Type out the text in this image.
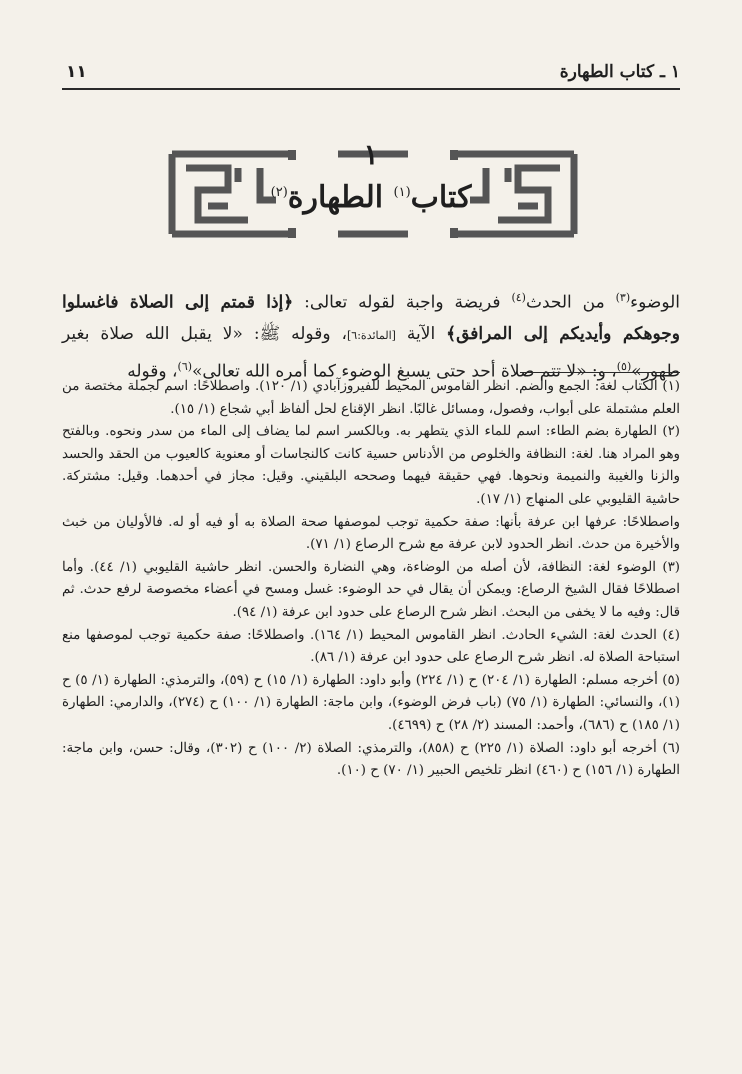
١ ـ كتاب الطهارة
١١
١
كتاب$^{(١)}$ الطهارة$^{(٢)}$
الوضوء$^{(٣)}$ من الحدث$^{(٤)}$ فريضة واجبة لقوله تعالى: ﴿إذا قمتم إلى الصلاة فاغسلوا وجوهكم وأيديكم إلى المرافق﴾ الآية [المائدة:٦]، وقوله ﷺ: «لا يقبل الله صلاة بغير طهور»$^{(٥)}$، و: «لا تتم صلاة أحد حتى يسبغ الوضوء كما أمره الله تعالى»$^{(٦)}$، وقوله

(١) الكتاب لغة: الجمع والضم. انظر القاموس المحيط للفيروزآبادي (١/ ١٢٠). واصطلاحًا: اسم لجملة مختصة من العلم مشتملة على أبواب، وفصول، ومسائل غالبًا. انظر الإقناع لحل ألفاظ أبي شجاع (١/ ١٥).

(٢) الطهارة بضم الطاء: اسم للماء الذي يتطهر به. وبالكسر اسم لما يضاف إلى الماء من سدر ونحوه. وبالفتح وهو المراد هنا. لغة: النظافة والخلوص من الأدناس حسية كانت كالنجاسات أو معنوية كالعيوب من الحقد والحسد والزنا والغيبة والنميمة ونحوها. فهي حقيقة فيهما وصححه البلقيني. وقيل: مجاز في أحدهما. وقيل: مشتركة. حاشية القليوبي على المنهاج (١/ ١٧).

واصطلاحًا: عرفها ابن عرفة بأنها: صفة حكمية توجب لموصفها صحة الصلاة به أو فيه أو له. فالأوليان من خبث والأخيرة من حدث. انظر الحدود لابن عرفة مع شرح الرصاع (١/ ٧١).

(٣) الوضوء لغة: النظافة، لأن أصله من الوضاءة، وهي النضارة والحسن. انظر حاشية القليوبي (١/ ٤٤). وأما اصطلاحًا فقال الشيخ الرصاع: ويمكن أن يقال في حد الوضوء: غسل ومسح في أعضاء مخصوصة لرفع حدث. ثم قال: وفيه ما لا يخفى من البحث. انظر شرح الرصاع على حدود ابن عرفة (١/ ٩٤).

(٤) الحدث لغة: الشيء الحادث. انظر القاموس المحيط (١/ ١٦٤). واصطلاحًا: صفة حكمية توجب لموصفها منع استباحة الصلاة له. انظر شرح الرصاع على حدود ابن عرفة (١/ ٨٦).

(٥) أخرجه مسلم: الطهارة (١/ ٢٠٤) ح (١/ ٢٢٤) وأبو داود: الطهارة (١/ ١٥) ح (٥٩)، والترمذي: الطهارة (١/ ٥) ح (١)، والنسائي: الطهارة (١/ ٧٥) (باب فرض الوضوء)، وابن ماجة: الطهارة (١/ ١٠٠) ح (٢٧٤)، والدارمي: الطهارة (١/ ١٨٥) ح (٦٨٦)، وأحمد: المسند (٢/ ٢٨) ح (٤٦٩٩).

(٦) أخرجه أبو داود: الصلاة (١/ ٢٢٥) ح (٨٥٨)، والترمذي: الصلاة (٢/ ١٠٠) ح (٣٠٢)، وقال: حسن، وابن ماجة: الطهارة (١/ ١٥٦) ح (٤٦٠) انظر تلخيص الحبير (١/ ٧٠) ح (١٠).
